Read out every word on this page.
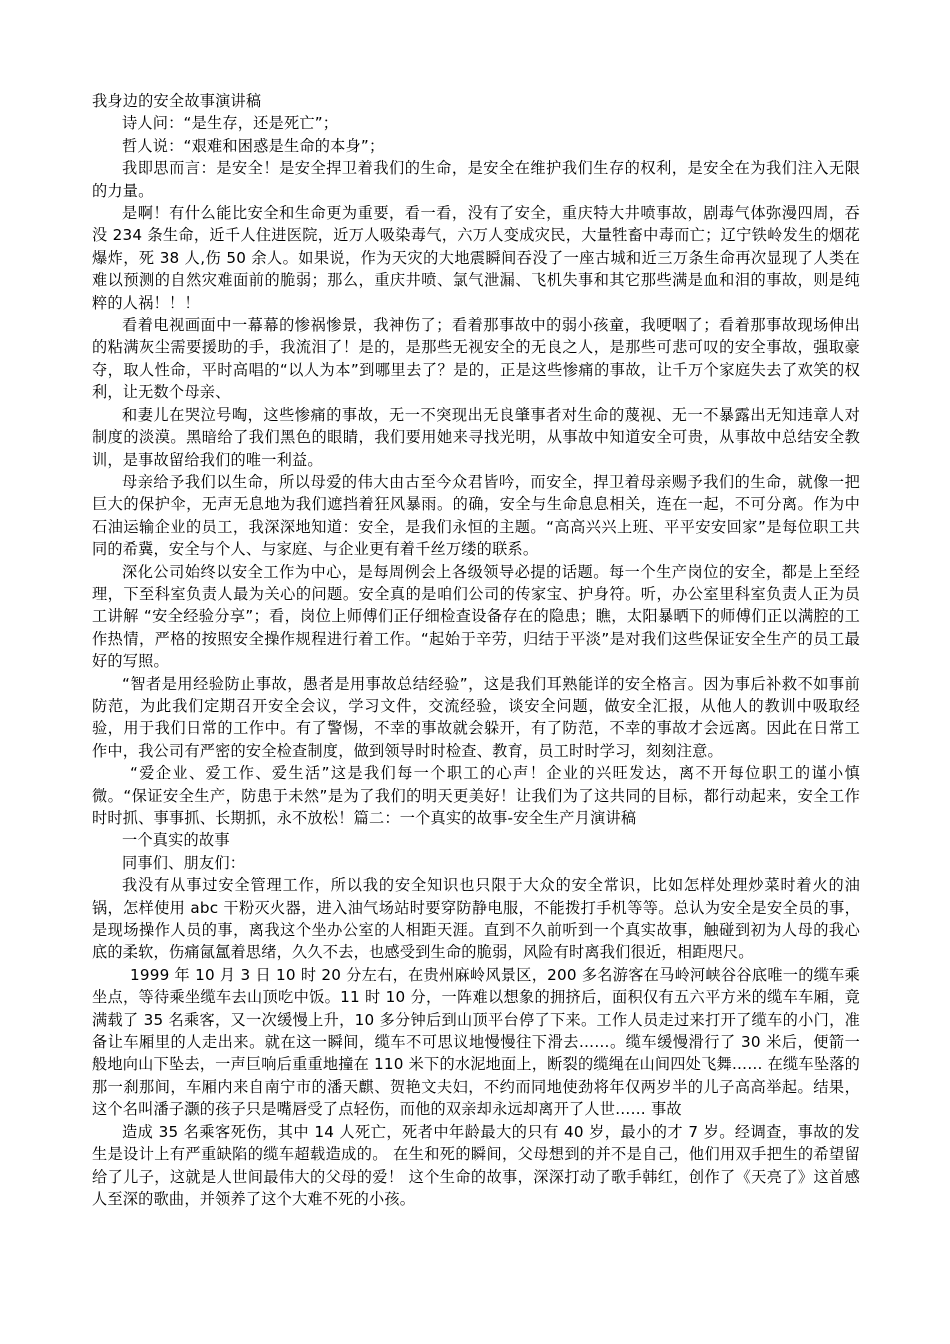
我身边的安全故事演讲稿

诗人问：“是生存，还是死亡”；

哲人说：“艰难和困惑是生命的本身”；

我即思而言：是安全！是安全捍卫着我们的生命，是安全在维护我们生存的权利，是安全在为我们注入无限的力量。

是啊！有什么能比安全和生命更为重要，看一看，没有了安全，重庆特大井喷事故，剧毒气体弥漫四周，吞没 234 条生命，近千人住进医院，近万人吸染毒气，六万人变成灾民，大量牲畜中毒而亡；辽宁铁岭发生的烟花爆炸，死 38 人,伤 50 余人。如果说，作为天灾的大地震瞬间吞没了一座古城和近三万条生命再次显现了人类在难以预测的自然灾难面前的脆弱；那么，重庆井喷、氯气泄漏、飞机失事和其它那些满是血和泪的事故，则是纯粹的人祸！！！

看着电视画面中一幕幕的惨祸惨景，我神伤了；看着那事故中的弱小孩童，我哽咽了；看着那事故现场伸出的粘满灰尘需要援助的手，我流泪了！是的，是那些无视安全的无良之人，是那些可悲可叹的安全事故，强取豪夺，取人性命，平时高唱的“以人为本”到哪里去了？是的，正是这些惨痛的事故，让千万个家庭失去了欢笑的权利，让无数个母亲、

和妻儿在哭泣号啕，这些惨痛的事故，无一不突现出无良肇事者对生命的蔑视、无一不暴露出无知违章人对制度的淡漠。黑暗给了我们黑色的眼睛，我们要用她来寻找光明，从事故中知道安全可贵，从事故中总结安全教训，是事故留给我们的唯一利益。

母亲给予我们以生命，所以母爱的伟大由古至今众君皆吟，而安全，捍卫着母亲赐予我们的生命，就像一把巨大的保护伞，无声无息地为我们遮挡着狂风暴雨。的确，安全与生命息息相关，连在一起，不可分离。作为中石油运输企业的员工，我深深地知道：安全，是我们永恒的主题。“高高兴兴上班、平平安安回家”是每位职工共同的希冀，安全与个人、与家庭、与企业更有着千丝万缕的联系。

深化公司始终以安全工作为中心，是每周例会上各级领导必提的话题。每一个生产岗位的安全，都是上至经理，下至科室负责人最为关心的问题。安全真的是咱们公司的传家宝、护身符。听，办公室里科室负责人正为员工讲解 “安全经验分享”；看，岗位上师傅们正仔细检查设备存在的隐患；瞧，太阳暴晒下的师傅们正以满腔的工作热情，严格的按照安全操作规程进行着工作。“起始于辛劳，归结于平淡”是对我们这些保证安全生产的员工最好的写照。

“智者是用经验防止事故，愚者是用事故总结经验”，这是我们耳熟能详的安全格言。因为事后补救不如事前防范，为此我们定期召开安全会议，学习文件，交流经验，谈安全问题，做安全汇报，从他人的教训中吸取经验，用于我们日常的工作中。有了警惕，不幸的事故就会躲开，有了防范，不幸的事故才会远离。因此在日常工作中，我公司有严密的安全检查制度，做到领导时时检查、教育，员工时时学习，刻刻注意。

“爱企业、爱工作、爱生活”这是我们每一个职工的心声！企业的兴旺发达，离不开每位职工的谨小慎微。“保证安全生产，防患于未然”是为了我们的明天更美好！让我们为了这共同的目标，都行动起来，安全工作时时抓、事事抓、长期抓，永不放松！篇二：一个真实的故事-安全生产月演讲稿

一个真实的故事

同事们、朋友们：

我没有从事过安全管理工作，所以我的安全知识也只限于大众的安全常识，比如怎样处理炒菜时着火的油锅，怎样使用 abc 干粉灭火器，进入油气场站时要穿防静电服，不能拨打手机等等。总认为安全是安全员的事，是现场操作人员的事，离我这个坐办公室的人相距天涯。直到不久前听到一个真实故事，触碰到初为人母的我心底的柔软，伤痛氤氲着思绪，久久不去，也感受到生命的脆弱，风险有时离我们很近，相距咫尺。

1999 年 10 月 3 日 10 时 20 分左右，在贵州麻岭风景区，200 多名游客在马岭河峡谷谷底唯一的缆车乘坐点，等待乘坐缆车去山顶吃中饭。11 时 10 分，一阵难以想象的拥挤后，面积仅有五六平方米的缆车车厢，竟满载了 35 名乘客，又一次缓慢上升，10 多分钟后到山顶平台停了下来。工作人员走过来打开了缆车的小门，准备让车厢里的人走出来。就在这一瞬间，缆车不可思议地慢慢往下滑去……。缆车缓慢滑行了 30 米后，便箭一般地向山下坠去，一声巨响后重重地撞在 110 米下的水泥地面上，断裂的缆绳在山间四处飞舞…… 在缆车坠落的那一刹那间，车厢内来自南宁市的潘天麒、贺艳文夫妇，不约而同地使劲将年仅两岁半的儿子高高举起。结果，这个名叫潘子灏的孩子只是嘴唇受了点轻伤，而他的双亲却永远却离开了人世…… 事故

造成 35 名乘客死伤，其中 14 人死亡，死者中年龄最大的只有 40 岁，最小的才 7 岁。经调查，事故的发生是设计上有严重缺陷的缆车超载造成的。 在生和死的瞬间，父母想到的并不是自己，他们用双手把生的希望留给了儿子，这就是人世间最伟大的父母的爱！ 这个生命的故事，深深打动了歌手韩红，创作了《天亮了》这首感人至深的歌曲，并领养了这个大难不死的小孩。
